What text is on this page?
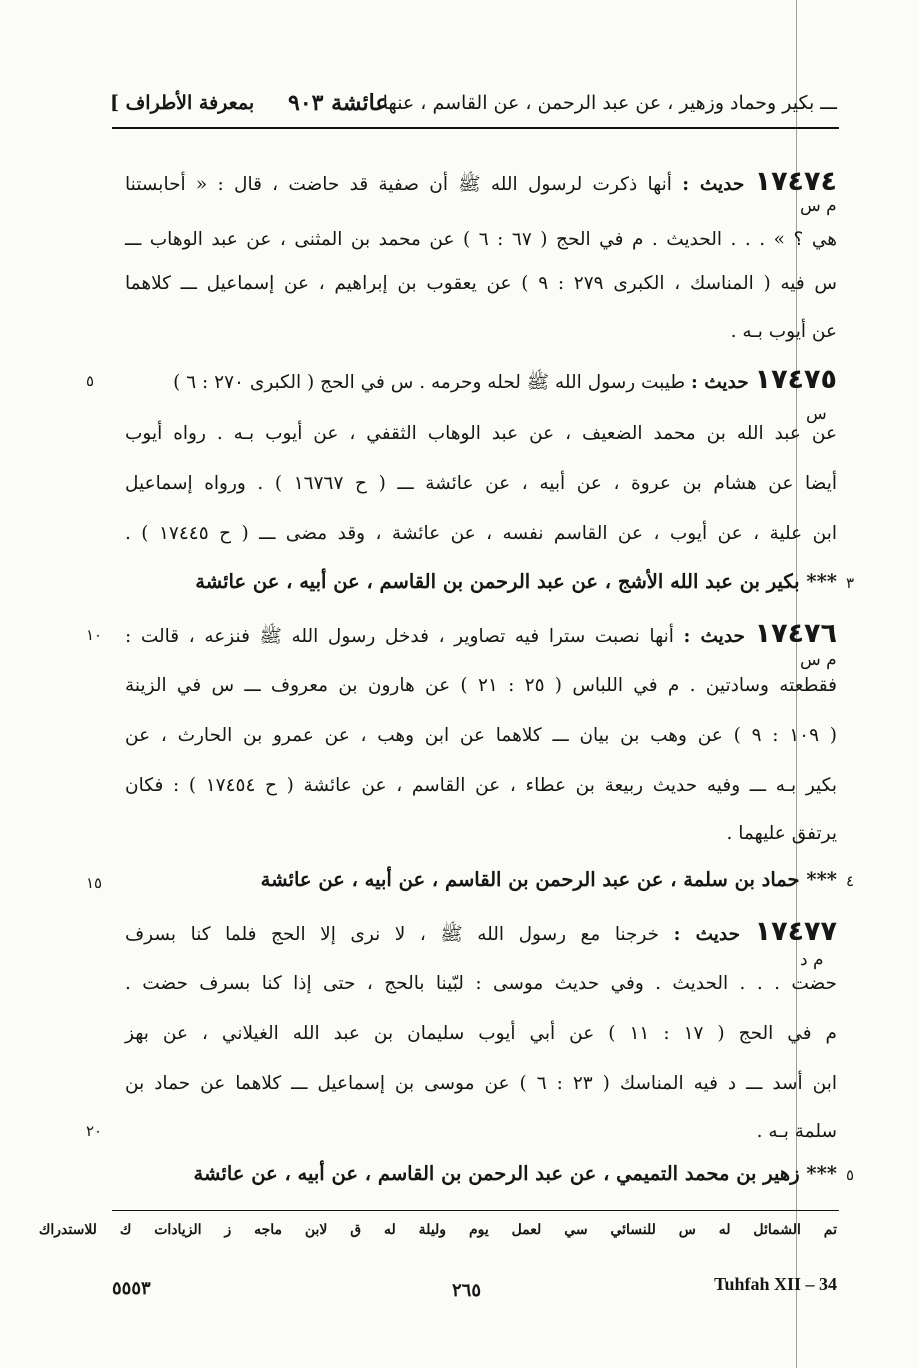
ـــ بكير وحماد وزهير ، عن عبد الرحمن ، عن القاسم ، عنها
عائشة ٩٠٣
بمعرفة الأطراف ]
١٧٤٧٤ حديث : أنها ذكرت لرسول الله ﷺ أن صفية قد حاضت ، قال : « أحابستنا
م س
هي ؟ » . . . الحديث . م في الحج ( ٦٧ : ٦ ) عن محمد بن المثنى ، عن عبد الوهاب ـــ
س فيه ( المناسك ، الكبرى ٢٧٩ : ٩ ) عن يعقوب بن إبراهيم ، عن إسماعيل ـــ كلاهما
عن أيوب بـه .
١٧٤٧٥ حديث : طيبت رسول الله ﷺ لحله وحرمه . س في الحج ( الكبرى ٢٧٠ : ٦ )
٥
س
عن عبد الله بن محمد الضعيف ، عن عبد الوهاب الثقفي ، عن أيوب بـه . رواه أيوب
أيضا عن هشام بن عروة ، عن أبيه ، عن عائشة ـــ ( ح ١٦٧٦٧ ) . ورواه إسماعيل
ابن علية ، عن أيوب ، عن القاسم نفسه ، عن عائشة ، وقد مضى ـــ ( ح ١٧٤٤٥ ) .
*** بكير بن عبد الله الأشج ، عن عبد الرحمن بن القاسم ، عن أبيه ، عن عائشة ٣
١٧٤٧٦ حديث : أنها نصبت سترا فيه تصاوير ، فدخل رسول الله ﷺ فنزعه ، قالت :
١٠
م س
فقطعته وسادتين . م في اللباس ( ٢٥ : ٢١ ) عن هارون بن معروف ـــ س في الزينة
( ١٠٩ : ٩ ) عن وهب بن بيان ـــ كلاهما عن ابن وهب ، عن عمرو بن الحارث ، عن
بكير بـه ـــ وفيه حديث ربيعة بن عطاء ، عن القاسم ، عن عائشة ( ح ١٧٤٥٤ ) : فكان
يرتفق عليهما .
*** حماد بن سلمة ، عن عبد الرحمن بن القاسم ، عن أبيه ، عن عائشة ٤
١٥
١٧٤٧٧ حديث : خرجنا مع رسول الله ﷺ ، لا نرى إلا الحج فلما كنا بسرف
م د
حضت . . . الحديث . وفي حديث موسى : لبّينا بالحج ، حتى إذا كنا بسرف حضت .
م في الحج ( ١٧ : ١١ ) عن أبي أيوب سليمان بن عبد الله الغيلاني ، عن بهز
ابن أسد ـــ د فيه المناسك ( ٢٣ : ٦ ) عن موسى بن إسماعيل ـــ كلاهما عن حماد بن
سلمة بـه .
٢٠
*** زهير بن محمد التميمي ، عن عبد الرحمن بن القاسم ، عن أبيه ، عن عائشة ٥
تم الشمائل له س للنسائي سي لعمل يوم وليلة له ق لابن ماجه ز الزيادات ك للاستدراك
٥٥٥٣	٢٦٥	Tuhfah XII – 34
